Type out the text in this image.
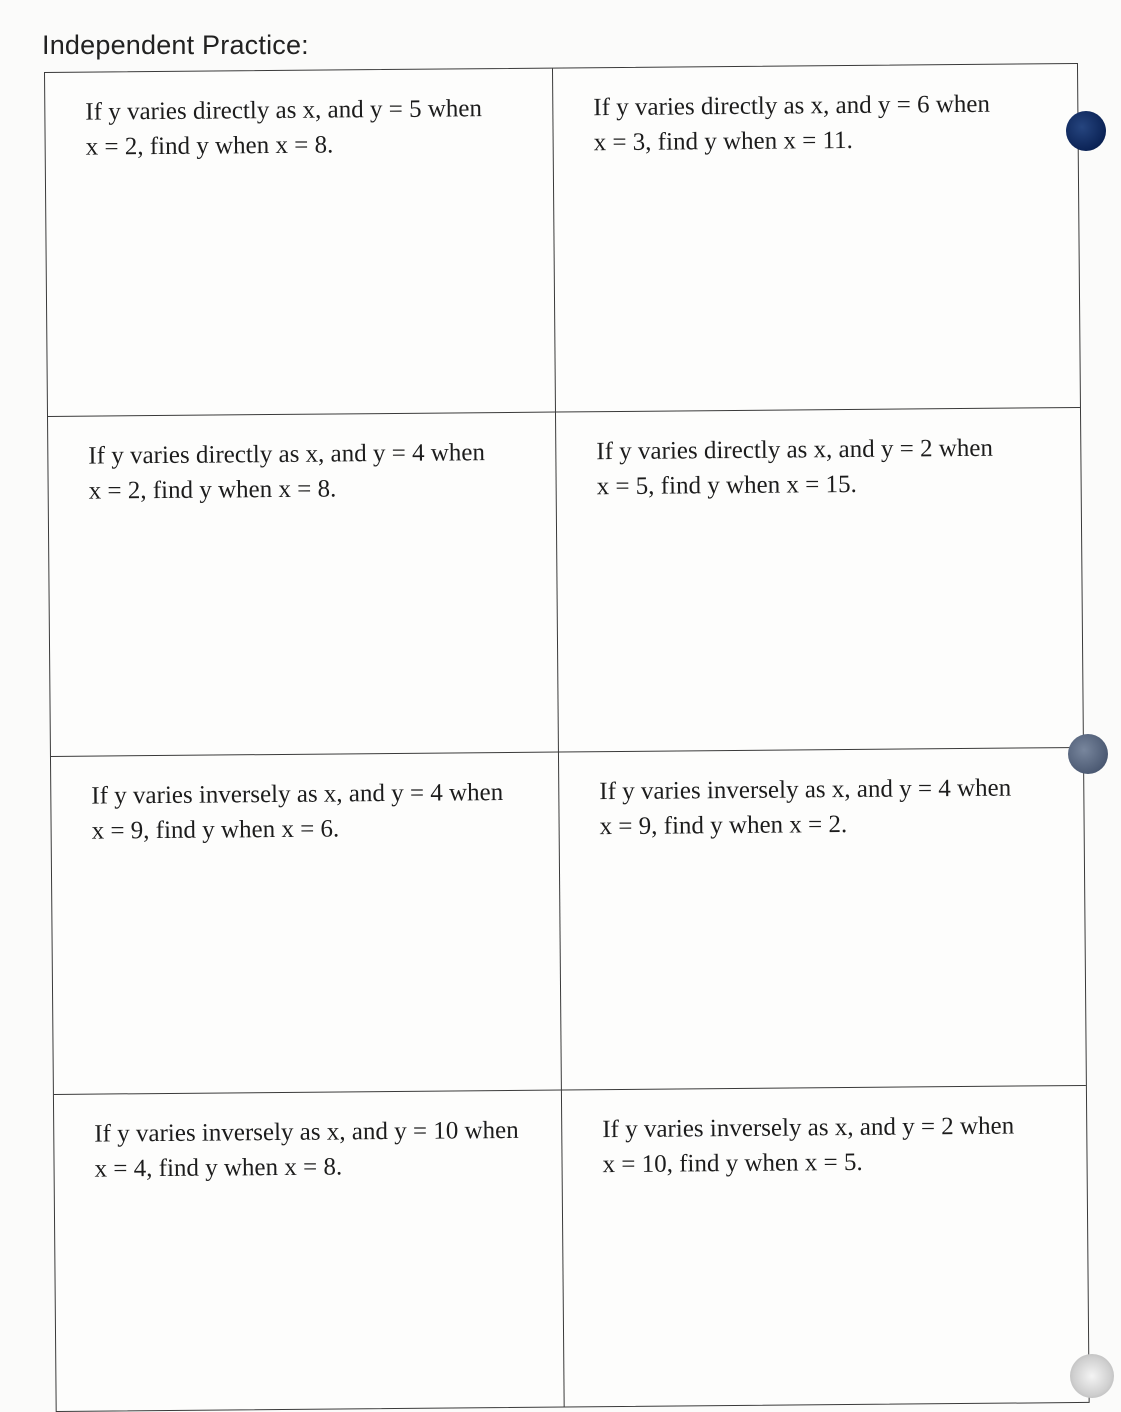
Independent Practice:
If y varies directly as x, and y = 5 when
x = 2, find y when x = 8.
If y varies directly as x, and y = 6 when
x = 3, find y when x = 11.
If y varies directly as x, and y = 4 when
x = 2, find y when x = 8.
If y varies directly as x, and y = 2 when
x = 5, find y when x = 15.
If y varies inversely as x, and y = 4 when
x = 9, find y when x = 6.
If y varies inversely as x, and y = 4 when
x = 9, find y when x = 2.
If y varies inversely as x, and y = 10 when
x = 4, find y when x = 8.
If y varies inversely as x, and y = 2 when
x = 10, find y when x = 5.
